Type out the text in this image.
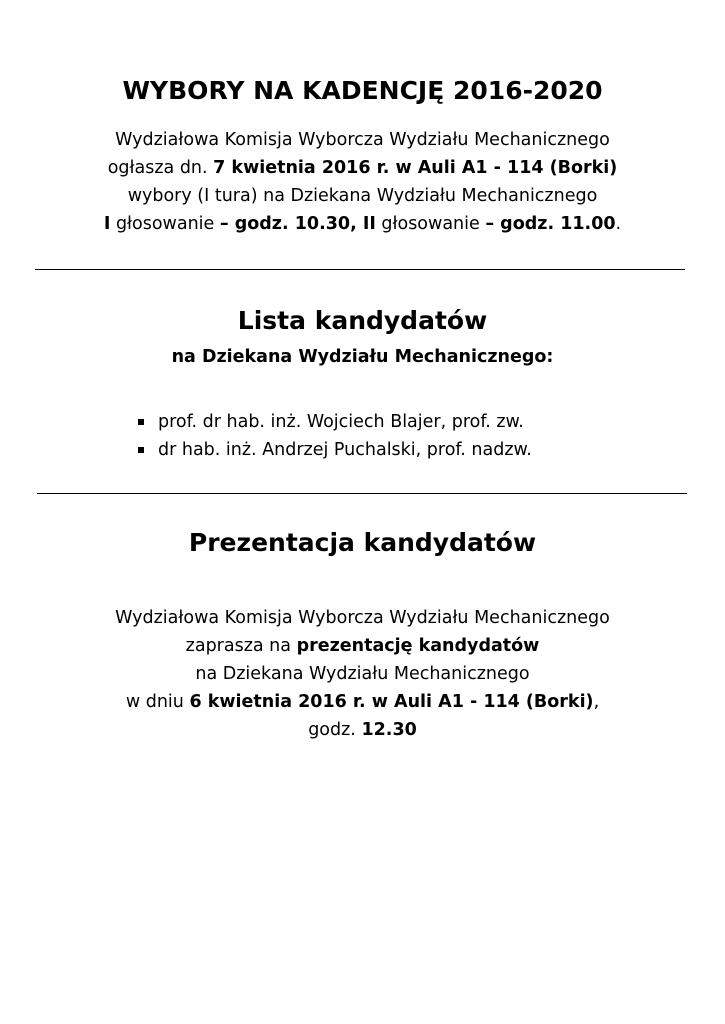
WYBORY NA KADENCJĘ 2016-2020
Wydziałowa Komisja Wyborcza Wydziału Mechanicznego
ogłasza dn. 7 kwietnia 2016 r. w Auli A1 - 114 (Borki)
wybory (I tura) na Dziekana Wydziału Mechanicznego
I głosowanie – godz. 10.30, II głosowanie – godz. 11.00.
Lista kandydatów
na Dziekana Wydziału Mechanicznego:
prof. dr hab. inż. Wojciech Blajer, prof. zw.
dr hab. inż. Andrzej Puchalski, prof. nadzw.
Prezentacja kandydatów
Wydziałowa Komisja Wyborcza Wydziału Mechanicznego
zaprasza na prezentację kandydatów
na Dziekana Wydziału Mechanicznego
w dniu 6 kwietnia 2016 r. w Auli A1 - 114 (Borki),
godz. 12.30
